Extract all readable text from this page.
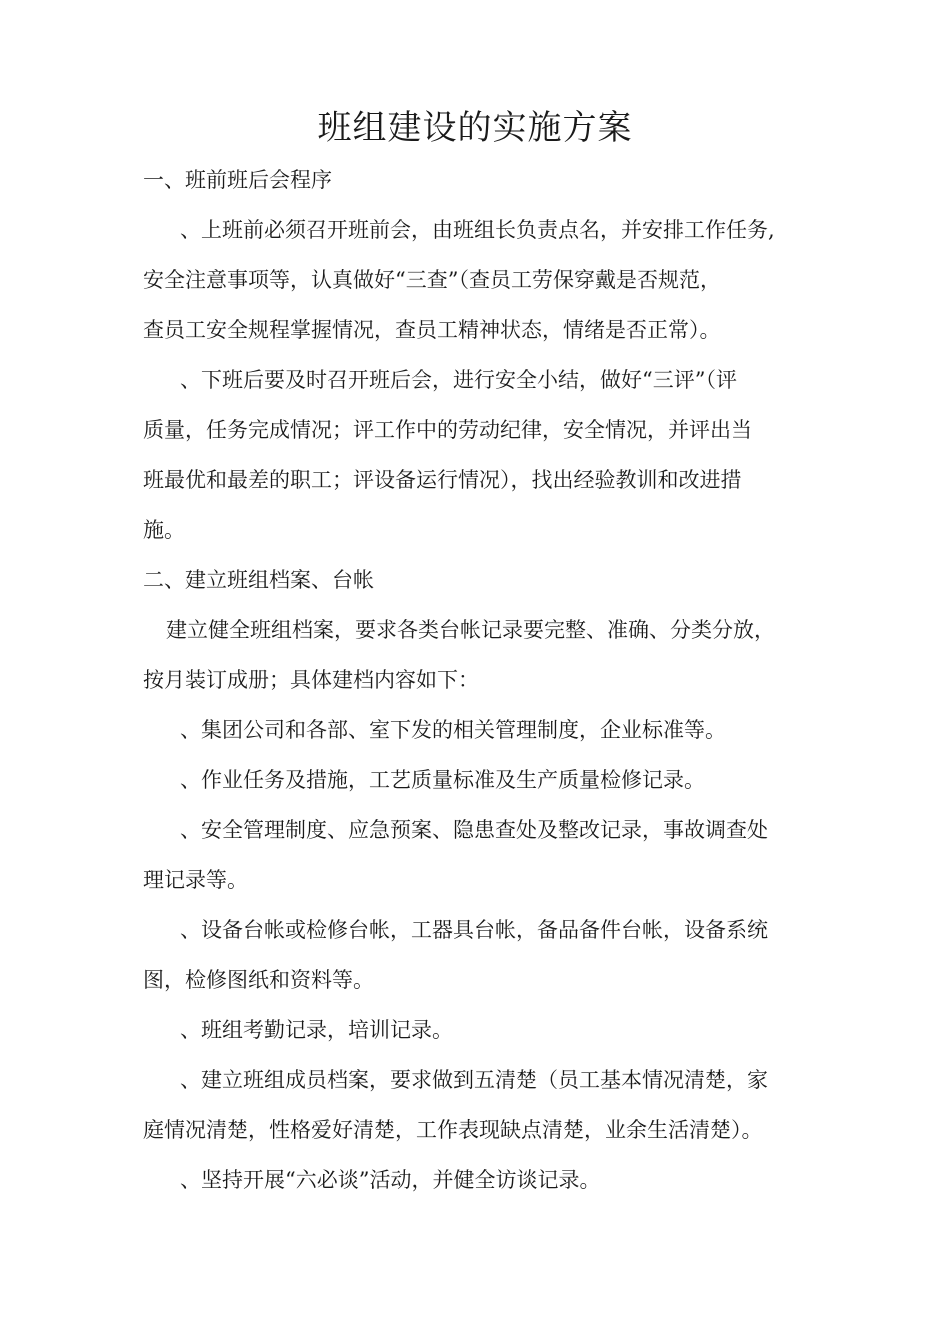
班组建设的实施方案
一、班前班后会程序
、上班前必须召开班前会，由班组长负责点名，并安排工作任务,
安全注意事项等，认真做好“三查”（查员工劳保穿戴是否规范，
查员工安全规程掌握情况，查员工精神状态，情绪是否正常）。
、下班后要及时召开班后会，进行安全小结，做好“三评”（评
质量，任务完成情况；评工作中的劳动纪律，安全情况，并评出当
班最优和最差的职工；评设备运行情况），找出经验教训和改进措
施。
二、建立班组档案、台帐
建立健全班组档案，要求各类台帐记录要完整、准确、分类分放，
按月装订成册；具体建档内容如下：
、集团公司和各部、室下发的相关管理制度，企业标准等。
、作业任务及措施，工艺质量标准及生产质量检修记录。
、安全管理制度、应急预案、隐患查处及整改记录，事故调查处
理记录等。
、设备台帐或检修台帐，工器具台帐，备品备件台帐，设备系统
图，检修图纸和资料等。
、班组考勤记录，培训记录。
、建立班组成员档案，要求做到五清楚（员工基本情况清楚，家
庭情况清楚，性格爱好清楚，工作表现缺点清楚，业余生活清楚）。
、坚持开展“六必谈”活动，并健全访谈记录。
